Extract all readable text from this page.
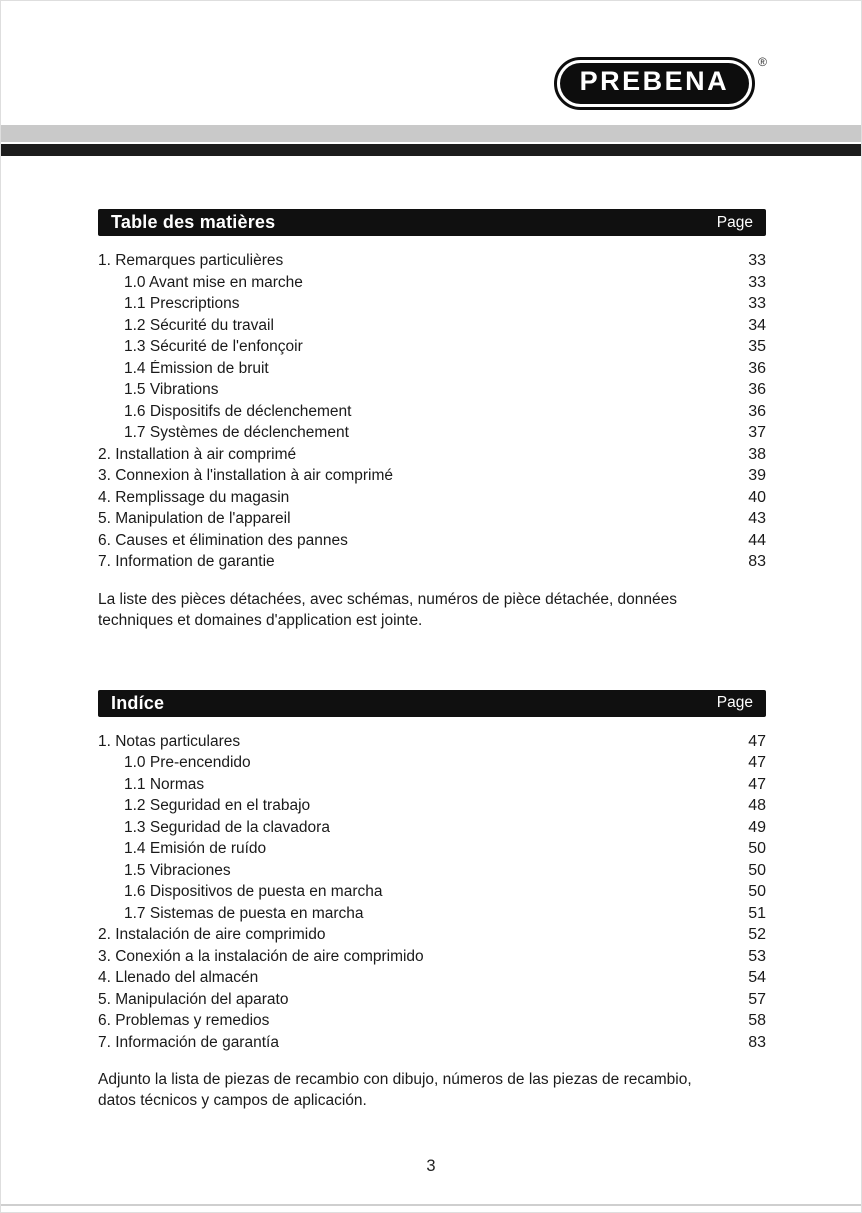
PREBENA
®
Table des matières	Page
1. Remarques particulières	33
1.0 Avant mise en marche	33
1.1 Prescriptions	33
1.2 Sécurité du travail	34
1.3 Sécurité de l'enfonçoir	35
1.4 Émission de bruit	36
1.5 Vibrations	36
1.6 Dispositifs de déclenchement	36
1.7 Systèmes de déclenchement	37
2. Installation à air comprimé	38
3. Connexion à l'installation à air comprimé	39
4. Remplissage du magasin	40
5. Manipulation de l'appareil	43
6. Causes et élimination des pannes	44
7. Information de garantie	83

La liste des pièces détachées, avec schémas, numéros de pièce détachée, données techniques et domaines d'application est jointe.

Indíce	Page
1. Notas particulares	47
1.0 Pre-encendido	47
1.1 Normas	47
1.2 Seguridad en el trabajo	48
1.3 Seguridad de la clavadora	49
1.4 Emisión de ruído	50
1.5 Vibraciones	50
1.6 Dispositivos de puesta en marcha	50
1.7 Sistemas de puesta en marcha	51
2. Instalación de aire comprimido	52
3. Conexión a la instalación de aire comprimido	53
4. Llenado del almacén	54
5. Manipulación del aparato	57
6. Problemas y remedios	58
7. Información de garantía	83

Adjunto la lista de piezas de recambio con dibujo, números de las piezas de recambio, datos técnicos y campos de aplicación.

3
